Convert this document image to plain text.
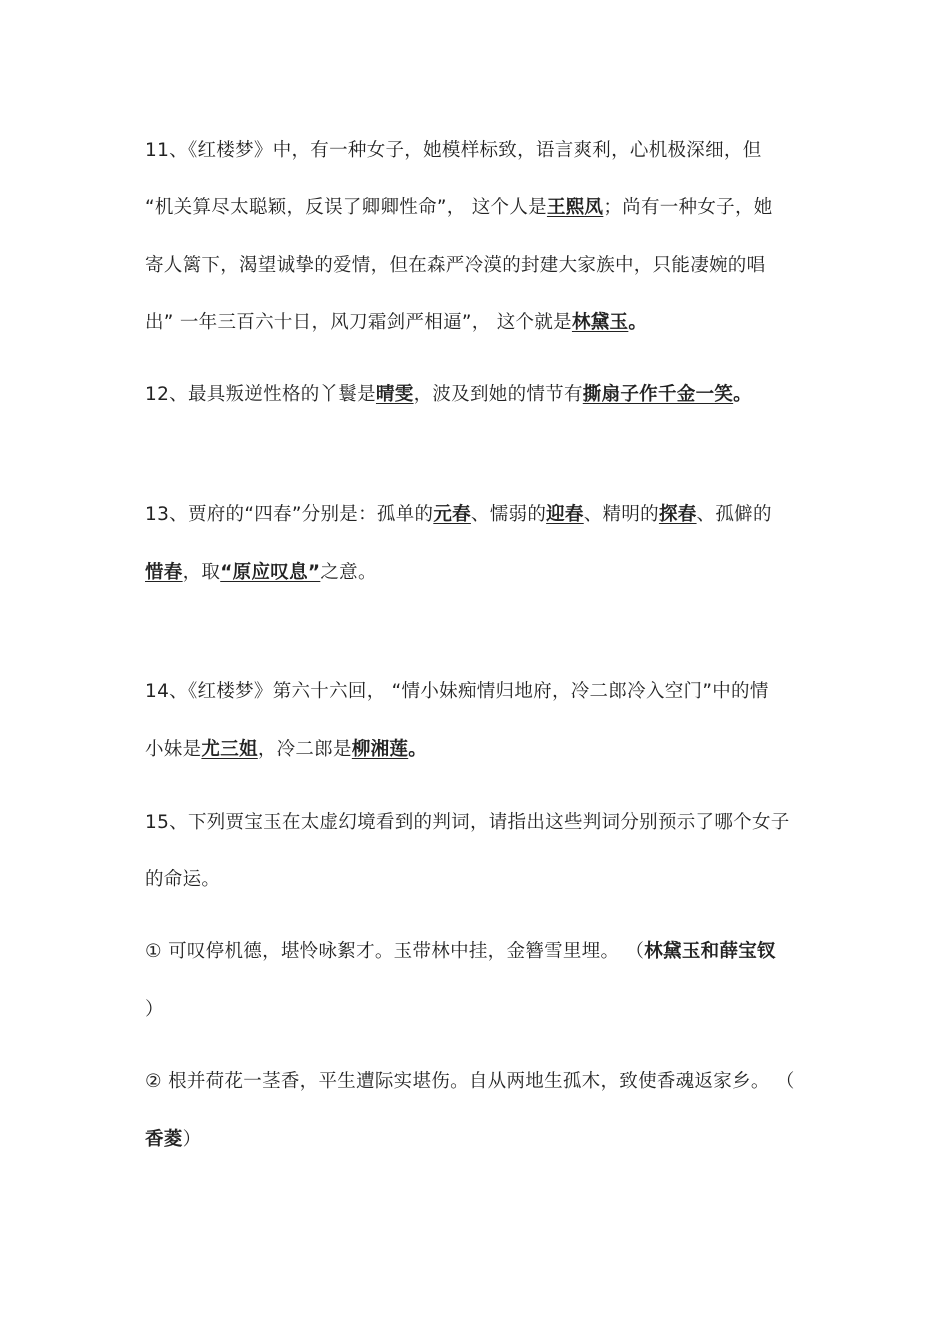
11、《红楼梦》中，有一种女子，她模样标致，语言爽利，心机极深细，但
“机关算尽太聪颖，反误了卿卿性命”， 这个人是王熙凤；尚有一种女子，她
寄人篱下，渴望诚挚的爱情，但在森严冷漠的封建大家族中，只能凄婉的唱
出” 一年三百六十日，风刀霜剑严相逼”， 这个就是林黛玉。
12、最具叛逆性格的丫鬟是晴雯，波及到她的情节有撕扇子作千金一笑。
13、贾府的“四春”分别是：孤单的元春、懦弱的迎春、精明的探春、孤僻的
惜春，取“原应叹息”之意。
14、《红楼梦》第六十六回， “情小妹痴情归地府，冷二郎冷入空门”中的情
小妹是尤三姐，冷二郎是柳湘莲。
15、下列贾宝玉在太虚幻境看到的判词，请指出这些判词分别预示了哪个女子
的命运。
① 可叹停机德，堪怜咏絮才。玉带林中挂，金簪雪里埋。 （林黛玉和薛宝钗
）
② 根并荷花一茎香，平生遭际实堪伤。自从两地生孤木，致使香魂返家乡。 （
香菱）
